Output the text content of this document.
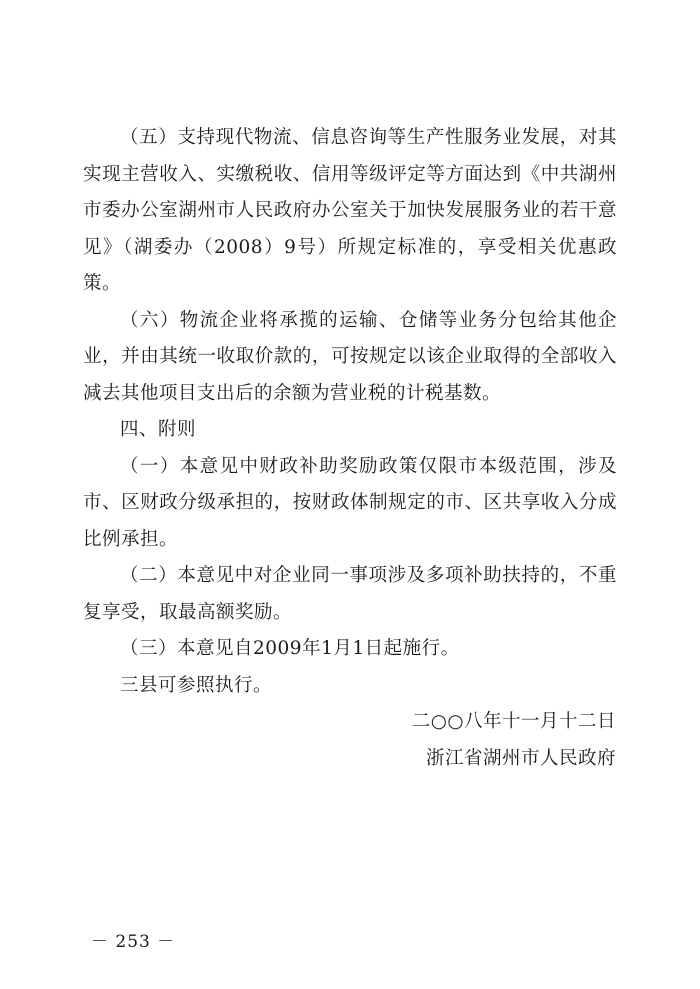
（五）支持现代物流、信息咨询等生产性服务业发展，对其实现主营收入、实缴税收、信用等级评定等方面达到《中共湖州市委办公室湖州市人民政府办公室关于加快发展服务业的若干意见》（湖委办（2008）9号）所规定标准的，享受相关优惠政策。

（六）物流企业将承揽的运输、仓储等业务分包给其他企业，并由其统一收取价款的，可按规定以该企业取得的全部收入减去其他项目支出后的余额为营业税的计税基数。

四、附则

（一）本意见中财政补助奖励政策仅限市本级范围，涉及市、区财政分级承担的，按财政体制规定的市、区共享收入分成比例承担。

（二）本意见中对企业同一事项涉及多项补助扶持的，不重复享受，取最高额奖励。

（三）本意见自2009年1月1日起施行。

三县可参照执行。

二○○八年十一月十二日
浙江省湖州市人民政府
－ 253 －
